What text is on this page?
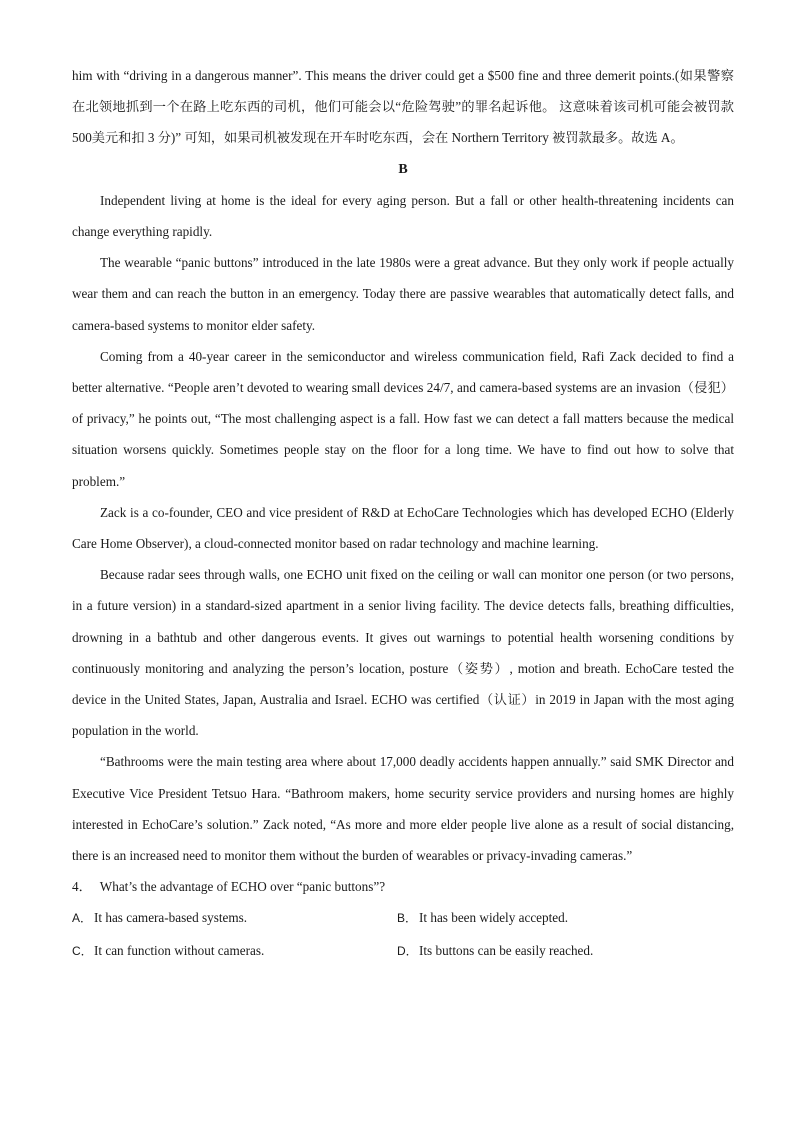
him with “driving in a dangerous manner”. This means the driver could get a $500 fine and three demerit points.(如果警察在北领地抓到一个在路上吃东西的司机，他们可能会以“危险驾驶”的罪名起诉他。 这意味着该司机可能会被罚款 500美元和扣 3 分)” 可知，如果司机被发现在开车时吃东西，会在 Northern Territory 被罚款最多。故选 A。

B

Independent living at home is the ideal for every aging person. But a fall or other health-threatening incidents can change everything rapidly.

The wearable “panic buttons” introduced in the late 1980s were a great advance. But they only work if people actually wear them and can reach the button in an emergency. Today there are passive wearables that automatically detect falls, and camera-based systems to monitor elder safety.

Coming from a 40-year career in the semiconductor and wireless communication field, Rafi Zack decided to find a better alternative. “People aren’t devoted to wearing small devices 24/7, and camera-based systems are an invasion（侵犯）of privacy,” he points out, “The most challenging aspect is a fall. How fast we can detect a fall matters because the medical situation worsens quickly. Sometimes people stay on the floor for a long time. We have to find out how to solve that problem.”

Zack is a co-founder, CEO and vice president of R&D at EchoCare Technologies which has developed ECHO (Elderly Care Home Observer), a cloud-connected monitor based on radar technology and machine learning.

Because radar sees through walls, one ECHO unit fixed on the ceiling or wall can monitor one person (or two persons, in a future version) in a standard-sized apartment in a senior living facility. The device detects falls, breathing difficulties, drowning in a bathtub and other dangerous events. It gives out warnings to potential health worsening conditions by continuously monitoring and analyzing the person’s location, posture（姿势）, motion and breath. EchoCare tested the device in the United States, Japan, Australia and Israel. ECHO was certified（认证）in 2019 in Japan with the most aging population in the world.

“Bathrooms were the main testing area where about 17,000 deadly accidents happen annually.” said SMK Director and Executive Vice President Tetsuo Hara. “Bathroom makers, home security service providers and nursing homes are highly interested in EchoCare’s solution.” Zack noted, “As more and more elder people live alone as a result of social distancing, there is an increased need to monitor them without the burden of wearables or privacy-invading cameras.”

4． What’s the advantage of ECHO over “panic buttons”?

A． It has camera-based systems.	B． It has been widely accepted.
C．It can function without cameras.	D．Its buttons can be easily reached.
